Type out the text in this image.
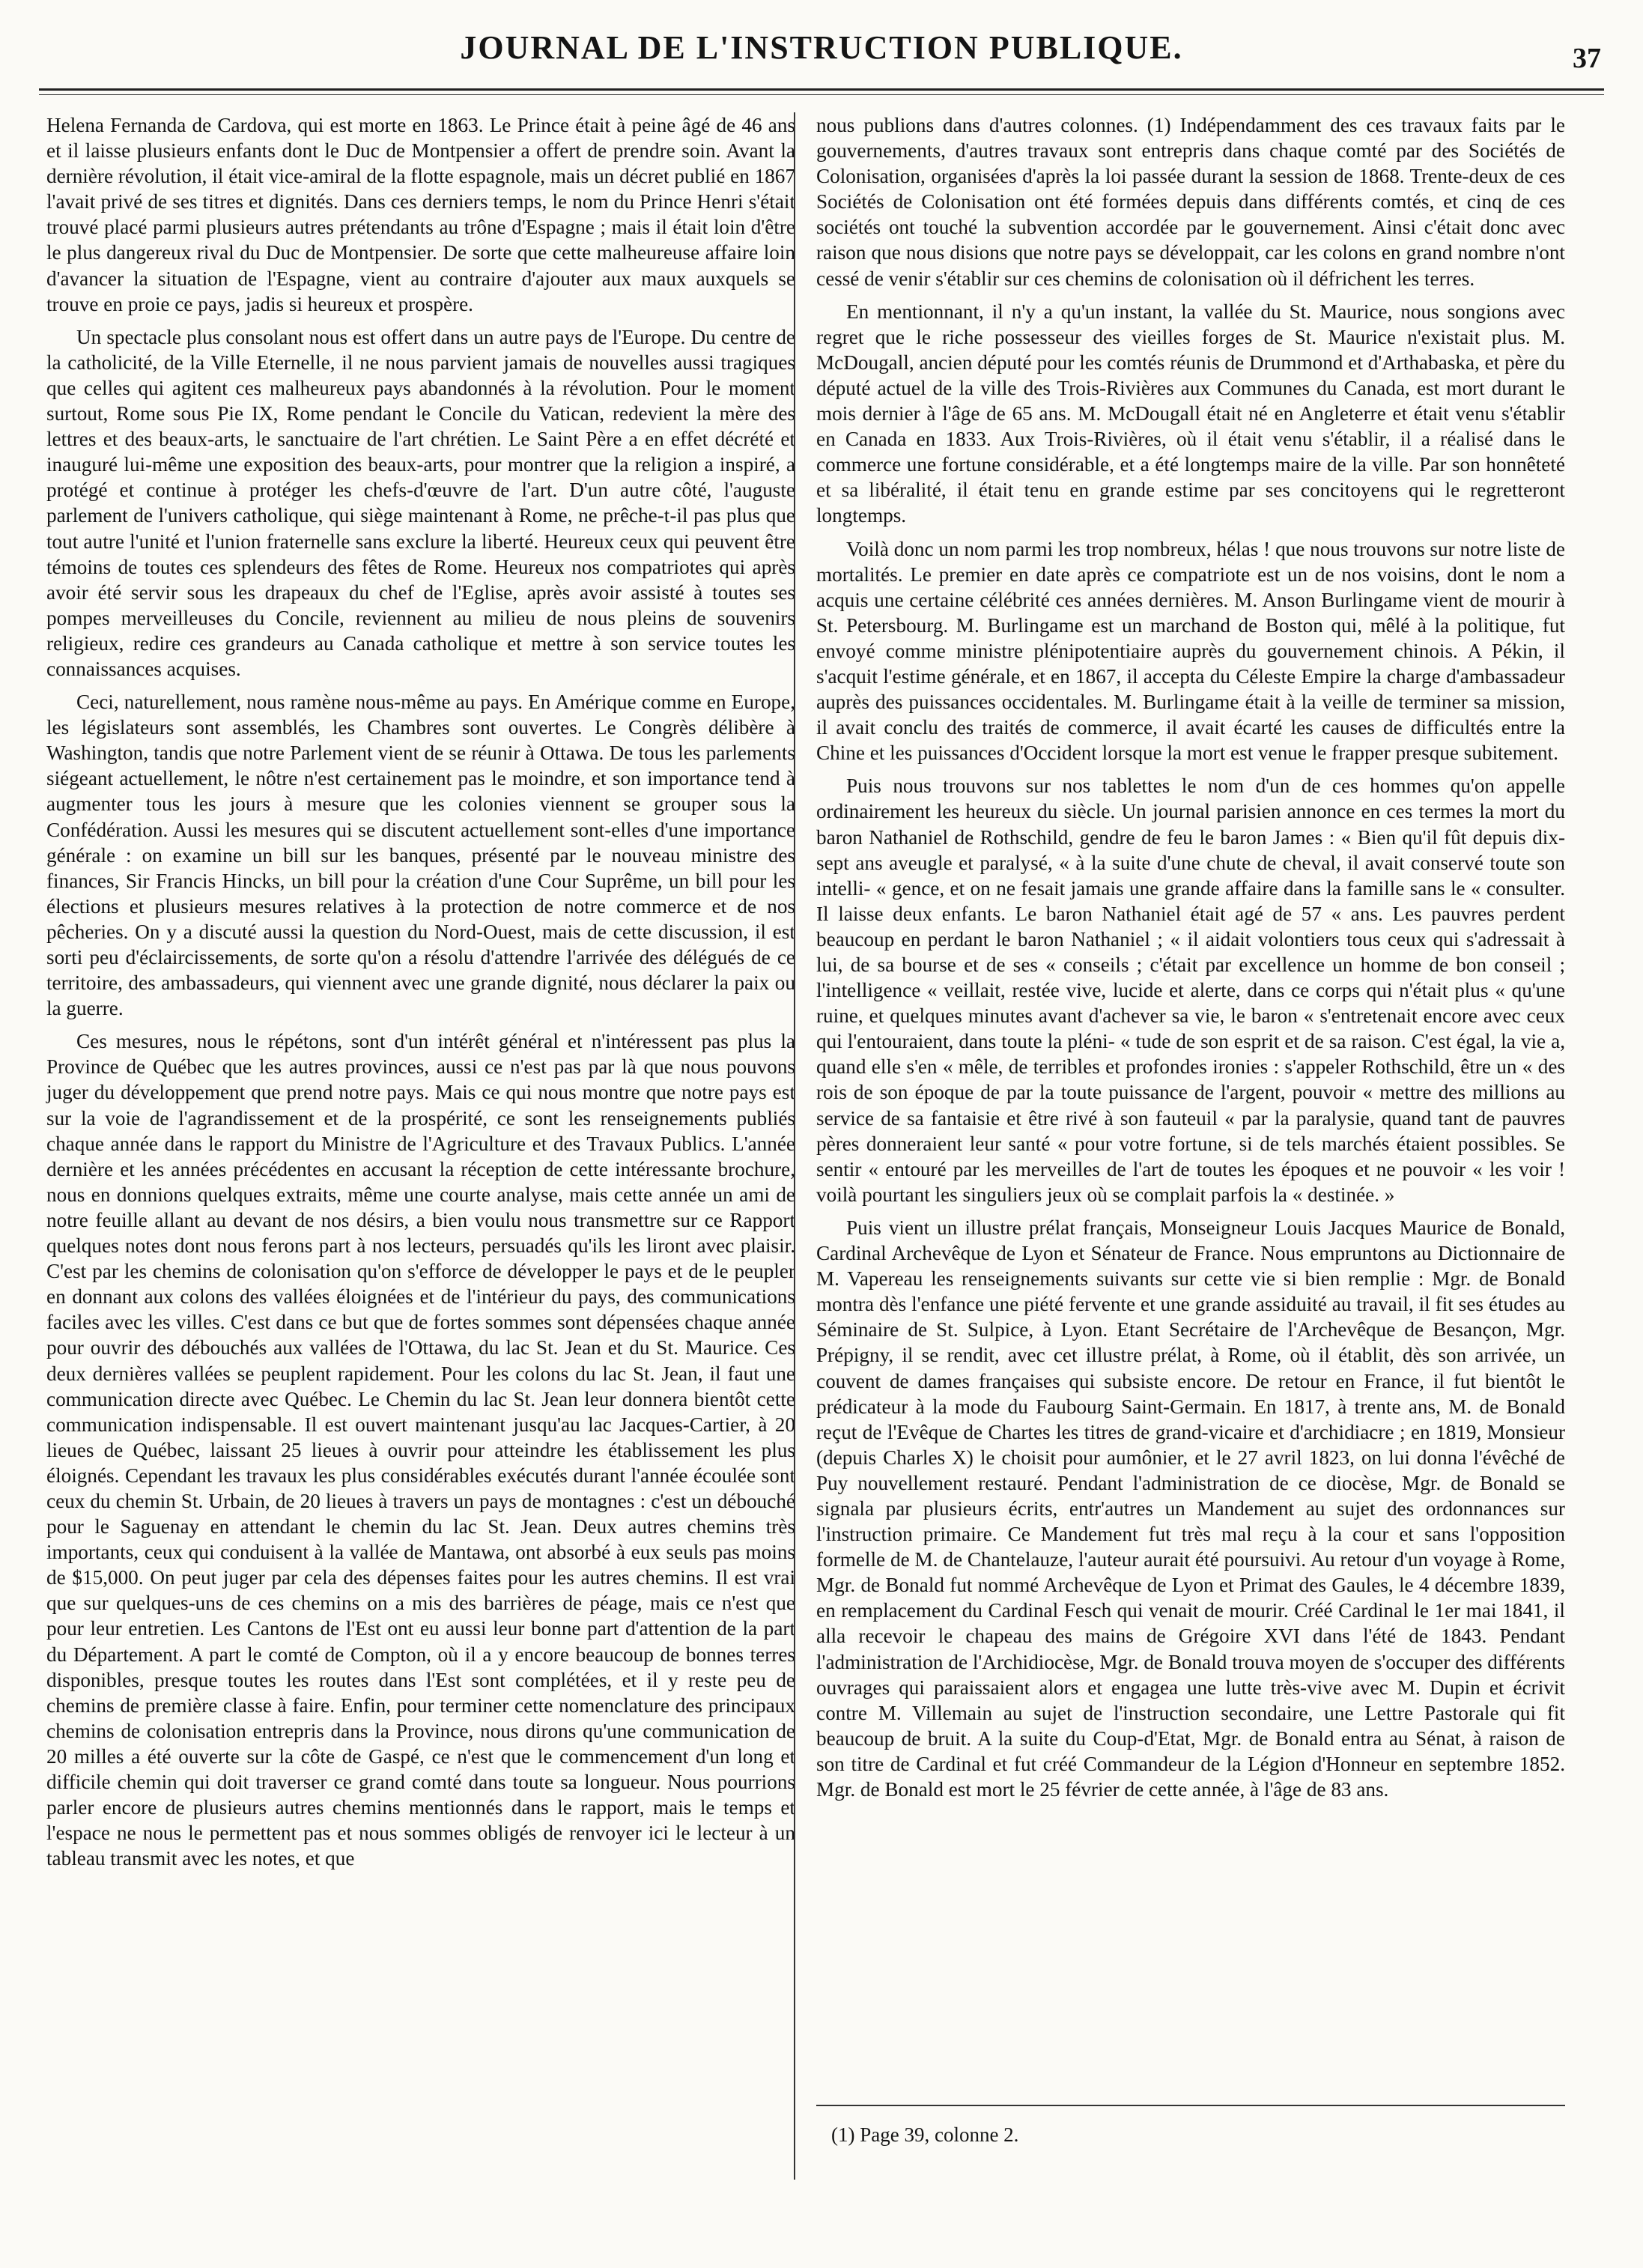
JOURNAL DE L'INSTRUCTION PUBLIQUE.	37

Helena Fernanda de Cardova, qui est morte en 1863. Le Prince était à peine âgé de 46 ans et il laisse plusieurs enfants dont le Duc de Montpensier a offert de prendre soin. Avant la dernière révolution, il était vice-amiral de la flotte espagnole, mais un décret publié en 1867 l'avait privé de ses titres et dignités. Dans ces derniers temps, le nom du Prince Henri s'était trouvé placé parmi plusieurs autres prétendants au trône d'Espagne ; mais il était loin d'être le plus dangereux rival du Duc de Montpensier. De sorte que cette malheureuse affaire loin d'avancer la situation de l'Espagne, vient au contraire d'ajouter aux maux auxquels se trouve en proie ce pays, jadis si heureux et prospère.

Un spectacle plus consolant nous est offert dans un autre pays de l'Europe. Du centre de la catholicité, de la Ville Eternelle, il ne nous parvient jamais de nouvelles aussi tragiques que celles qui agitent ces malheureux pays abandonnés à la révolution. Pour le moment surtout, Rome sous Pie IX, Rome pendant le Concile du Vatican, redevient la mère des lettres et des beaux-arts, le sanctuaire de l'art chrétien. Le Saint Père a en effet décrété et inauguré lui-même une exposition des beaux-arts, pour montrer que la religion a inspiré, a protégé et continue à protéger les chefs-d'œuvre de l'art. D'un autre côté, l'auguste parlement de l'univers catholique, qui siège maintenant à Rome, ne prêche-t-il pas plus que tout autre l'unité et l'union fraternelle sans exclure la liberté. Heureux ceux qui peuvent être témoins de toutes ces splendeurs des fêtes de Rome. Heureux nos compatriotes qui après avoir été servir sous les drapeaux du chef de l'Eglise, après avoir assisté à toutes ses pompes merveilleuses du Concile, reviennent au milieu de nous pleins de souvenirs religieux, redire ces grandeurs au Canada catholique et mettre à son service toutes les connaissances acquises.

Ceci, naturellement, nous ramène nous-même au pays. En Amérique comme en Europe, les législateurs sont assemblés, les Chambres sont ouvertes. Le Congrès délibère à Washington, tandis que notre Parlement vient de se réunir à Ottawa. De tous les parlements siégeant actuellement, le nôtre n'est certainement pas le moindre, et son importance tend à augmenter tous les jours à mesure que les colonies viennent se grouper sous la Confédération. Aussi les mesures qui se discutent actuellement sont-elles d'une importance générale : on examine un bill sur les banques, présenté par le nouveau ministre des finances, Sir Francis Hincks, un bill pour la création d'une Cour Suprême, un bill pour les élections et plusieurs mesures relatives à la protection de notre commerce et de nos pêcheries. On y a discuté aussi la question du Nord-Ouest, mais de cette discussion, il est sorti peu d'éclaircissements, de sorte qu'on a résolu d'attendre l'arrivée des délégués de ce territoire, des ambassadeurs, qui viennent avec une grande dignité, nous déclarer la paix ou la guerre.

Ces mesures, nous le répétons, sont d'un intérêt général et n'intéressent pas plus la Province de Québec que les autres provinces, aussi ce n'est pas par là que nous pouvons juger du développement que prend notre pays. Mais ce qui nous montre que notre pays est sur la voie de l'agrandissement et de la prospérité, ce sont les renseignements publiés chaque année dans le rapport du Ministre de l'Agriculture et des Travaux Publics. L'année dernière et les années précédentes en accusant la réception de cette intéressante brochure, nous en donnions quelques extraits, même une courte analyse, mais cette année un ami de notre feuille allant au devant de nos désirs, a bien voulu nous transmettre sur ce Rapport quelques notes dont nous ferons part à nos lecteurs, persuadés qu'ils les liront avec plaisir. C'est par les chemins de colonisation qu'on s'efforce de développer le pays et de le peupler en donnant aux colons des vallées éloignées et de l'intérieur du pays, des communications faciles avec les villes. C'est dans ce but que de fortes sommes sont dépensées chaque année pour ouvrir des débouchés aux vallées de l'Ottawa, du lac St. Jean et du St. Maurice. Ces deux dernières vallées se peuplent rapidement. Pour les colons du lac St. Jean, il faut une communication directe avec Québec. Le Chemin du lac St. Jean leur donnera bientôt cette communication indispensable. Il est ouvert maintenant jusqu'au lac Jacques-Cartier, à 20 lieues de Québec, laissant 25 lieues à ouvrir pour atteindre les établissement les plus éloignés. Cependant les travaux les plus considérables exécutés durant l'année écoulée sont ceux du chemin St. Urbain, de 20 lieues à travers un pays de montagnes : c'est un débouché pour le Saguenay en attendant le chemin du lac St. Jean. Deux autres chemins très importants, ceux qui conduisent à la vallée de Mantawa, ont absorbé à eux seuls pas moins de $15,000. On peut juger par cela des dépenses faites pour les autres chemins. Il est vrai que sur quelques-uns de ces chemins on a mis des barrières de péage, mais ce n'est que pour leur entretien. Les Cantons de l'Est ont eu aussi leur bonne part d'attention de la part du Département. A part le comté de Compton, où il a y encore beaucoup de bonnes terres disponibles, presque toutes les routes dans l'Est sont complétées, et il y reste peu de chemins de première classe à faire. Enfin, pour terminer cette nomenclature des principaux chemins de colonisation entrepris dans la Province, nous dirons qu'une communication de 20 milles a été ouverte sur la côte de Gaspé, ce n'est que le commencement d'un long et difficile chemin qui doit traverser ce grand comté dans toute sa longueur. Nous pourrions parler encore de plusieurs autres chemins mentionnés dans le rapport, mais le temps et l'espace ne nous le permettent pas et nous sommes obligés de renvoyer ici le lecteur à un tableau transmit avec les notes, et que

nous publions dans d'autres colonnes. (1) Indépendamment des ces travaux faits par le gouvernements, d'autres travaux sont entrepris dans chaque comté par des Sociétés de Colonisation, organisées d'après la loi passée durant la session de 1868. Trente-deux de ces Sociétés de Colonisation ont été formées depuis dans différents comtés, et cinq de ces sociétés ont touché la subvention accordée par le gouvernement. Ainsi c'était donc avec raison que nous disions que notre pays se développait, car les colons en grand nombre n'ont cessé de venir s'établir sur ces chemins de colonisation où il défrichent les terres.

En mentionnant, il n'y a qu'un instant, la vallée du St. Maurice, nous songions avec regret que le riche possesseur des vieilles forges de St. Maurice n'existait plus. M. McDougall, ancien député pour les comtés réunis de Drummond et d'Arthabaska, et père du député actuel de la ville des Trois-Rivières aux Communes du Canada, est mort durant le mois dernier à l'âge de 65 ans. M. McDougall était né en Angleterre et était venu s'établir en Canada en 1833. Aux Trois-Rivières, où il était venu s'établir, il a réalisé dans le commerce une fortune considérable, et a été longtemps maire de la ville. Par son honnêteté et sa libéralité, il était tenu en grande estime par ses concitoyens qui le regretteront longtemps.

Voilà donc un nom parmi les trop nombreux, hélas ! que nous trouvons sur notre liste de mortalités. Le premier en date après ce compatriote est un de nos voisins, dont le nom a acquis une certaine célébrité ces années dernières. M. Anson Burlingame vient de mourir à St. Petersbourg. M. Burlingame est un marchand de Boston qui, mêlé à la politique, fut envoyé comme ministre plénipotentiaire auprès du gouvernement chinois. A Pékin, il s'acquit l'estime générale, et en 1867, il accepta du Céleste Empire la charge d'ambassadeur auprès des puissances occidentales. M. Burlingame était à la veille de terminer sa mission, il avait conclu des traités de commerce, il avait écarté les causes de difficultés entre la Chine et les puissances d'Occident lorsque la mort est venue le frapper presque subitement.

Puis nous trouvons sur nos tablettes le nom d'un de ces hommes qu'on appelle ordinairement les heureux du siècle. Un journal parisien annonce en ces termes la mort du baron Nathaniel de Rothschild, gendre de feu le baron James : « Bien qu'il fût depuis dix-sept ans aveugle et paralysé, « à la suite d'une chute de cheval, il avait conservé toute son intelli- « gence, et on ne fesait jamais une grande affaire dans la famille sans le « consulter. Il laisse deux enfants. Le baron Nathaniel était agé de 57 « ans. Les pauvres perdent beaucoup en perdant le baron Nathaniel ; « il aidait volontiers tous ceux qui s'adressait à lui, de sa bourse et de ses « conseils ; c'était par excellence un homme de bon conseil ; l'intelligence « veillait, restée vive, lucide et alerte, dans ce corps qui n'était plus « qu'une ruine, et quelques minutes avant d'achever sa vie, le baron « s'entretenait encore avec ceux qui l'entouraient, dans toute la pléni- « tude de son esprit et de sa raison. C'est égal, la vie a, quand elle s'en « mêle, de terribles et profondes ironies : s'appeler Rothschild, être un « des rois de son époque de par la toute puissance de l'argent, pouvoir « mettre des millions au service de sa fantaisie et être rivé à son fauteuil « par la paralysie, quand tant de pauvres pères donneraient leur santé « pour votre fortune, si de tels marchés étaient possibles. Se sentir « entouré par les merveilles de l'art de toutes les époques et ne pouvoir « les voir ! voilà pourtant les singuliers jeux où se complait parfois la « destinée. »

Puis vient un illustre prélat français, Monseigneur Louis Jacques Maurice de Bonald, Cardinal Archevêque de Lyon et Sénateur de France. Nous empruntons au Dictionnaire de M. Vapereau les renseignements suivants sur cette vie si bien remplie : Mgr. de Bonald montra dès l'enfance une piété fervente et une grande assiduité au travail, il fit ses études au Séminaire de St. Sulpice, à Lyon. Etant Secrétaire de l'Archevêque de Besançon, Mgr. Prépigny, il se rendit, avec cet illustre prélat, à Rome, où il établit, dès son arrivée, un couvent de dames françaises qui subsiste encore. De retour en France, il fut bientôt le prédicateur à la mode du Faubourg Saint-Germain. En 1817, à trente ans, M. de Bonald reçut de l'Evêque de Chartes les titres de grand-vicaire et d'archidiacre ; en 1819, Monsieur (depuis Charles X) le choisit pour aumônier, et le 27 avril 1823, on lui donna l'évêché de Puy nouvellement restauré. Pendant l'administration de ce diocèse, Mgr. de Bonald se signala par plusieurs écrits, entr'autres un Mandement au sujet des ordonnances sur l'instruction primaire. Ce Mandement fut très mal reçu à la cour et sans l'opposition formelle de M. de Chantelauze, l'auteur aurait été poursuivi. Au retour d'un voyage à Rome, Mgr. de Bonald fut nommé Archevêque de Lyon et Primat des Gaules, le 4 décembre 1839, en remplacement du Cardinal Fesch qui venait de mourir. Créé Cardinal le 1er mai 1841, il alla recevoir le chapeau des mains de Grégoire XVI dans l'été de 1843. Pendant l'administration de l'Archidiocèse, Mgr. de Bonald trouva moyen de s'occuper des différents ouvrages qui paraissaient alors et engagea une lutte très-vive avec M. Dupin et écrivit contre M. Villemain au sujet de l'instruction secondaire, une Lettre Pastorale qui fit beaucoup de bruit. A la suite du Coup-d'Etat, Mgr. de Bonald entra au Sénat, à raison de son titre de Cardinal et fut créé Commandeur de la Légion d'Honneur en septembre 1852. Mgr. de Bonald est mort le 25 février de cette année, à l'âge de 83 ans.

(1) Page 39, colonne 2.
